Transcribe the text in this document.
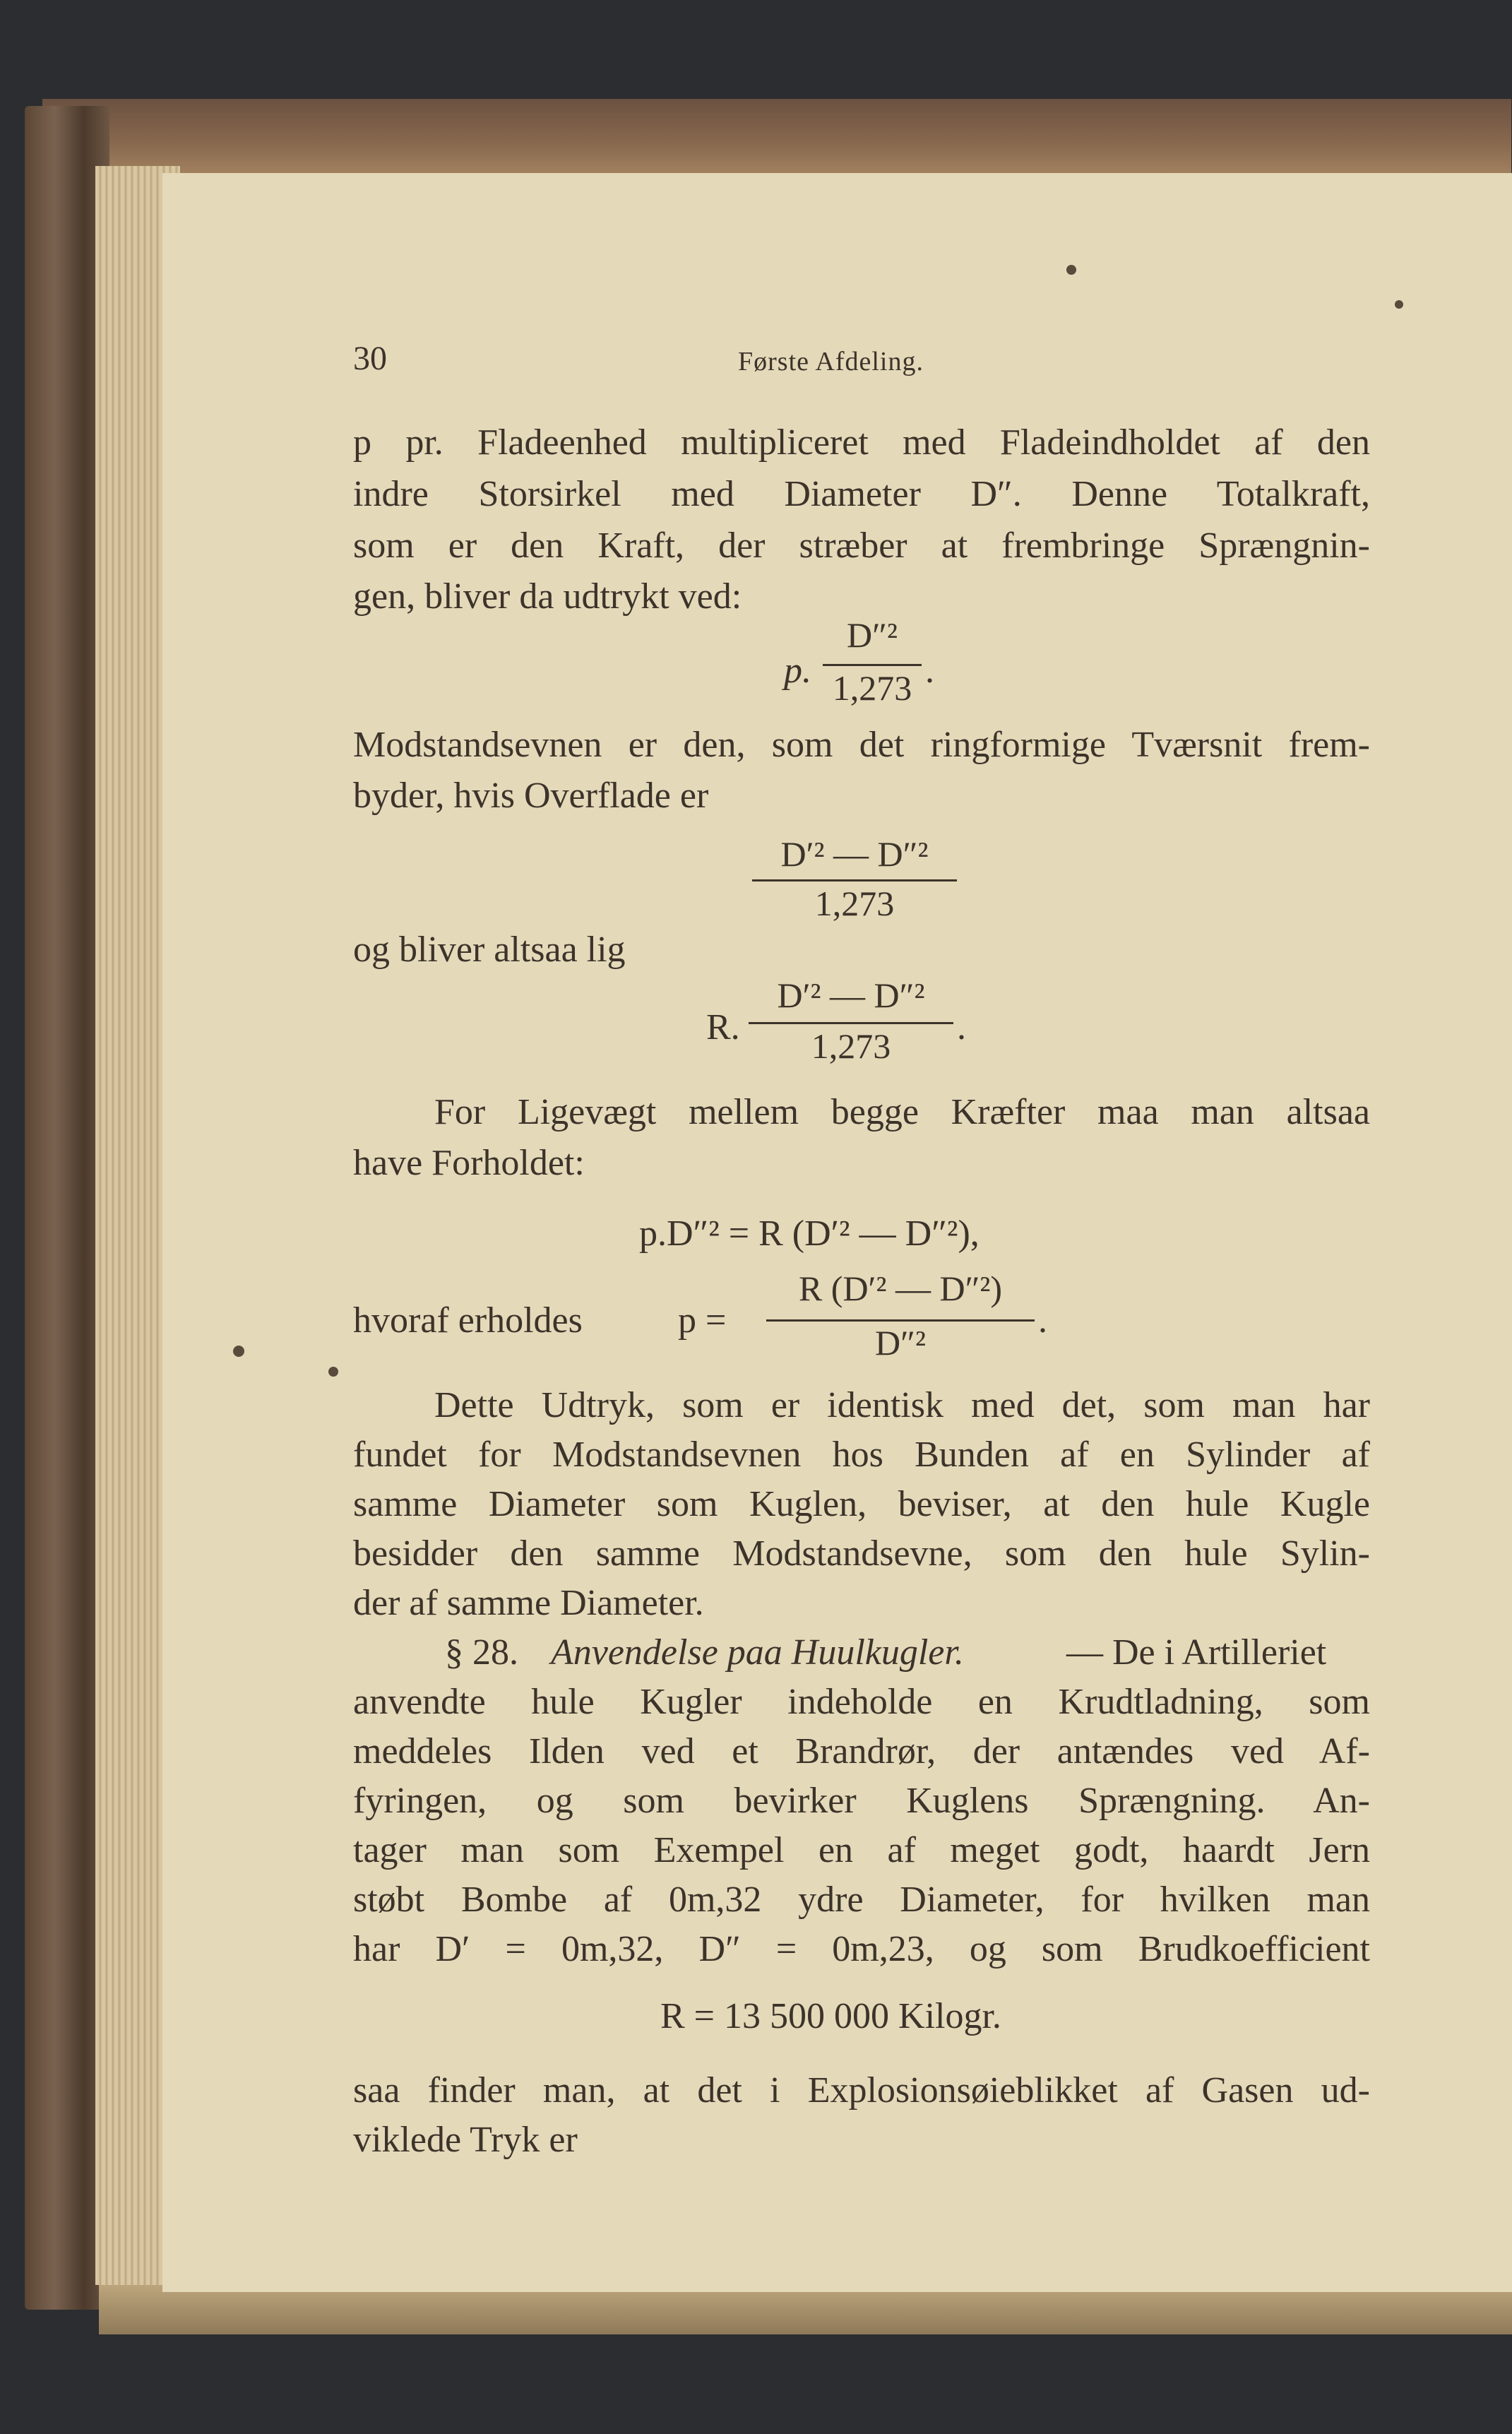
30	Første Afdeling.
p pr. Fladeenhed multipliceret med Fladeindholdet af den
indre Storsirkel med Diameter D″. Denne Totalkraft,
som er den Kraft, der stræber at frembringe Sprængnin-
gen, bliver da udtrykt ved:
p.
D″²
1,273 .
Modstandsevnen er den, som det ringformige Tværsnit frem-
byder, hvis Overflade er
D′² — D″²
1,273
og bliver altsaa lig
R.
D′² — D″²
1,273	.
For Ligevægt mellem begge Kræfter maa man altsaa
have Forholdet:
p.D″² = R (D′² — D″²),
hvoraf erholdes	p =
R (D′² — D″²)
D″²
.
Dette Udtryk, som er identisk med det, som man har
fundet for Modstandsevnen hos Bunden af en Sylinder af
samme Diameter som Kuglen, beviser, at den hule Kugle
besidder den samme Modstandsevne, som den hule Sylin-
der af samme Diameter.
§ 28. Anvendelse paa Huulkugler.	— De i Artilleriet
anvendte hule Kugler indeholde en Krudtladning, som
meddeles Ilden ved et Brandrør, der antændes ved Af-
fyringen, og som bevirker Kuglens Sprængning. An-
tager man som Exempel en af meget godt, haardt Jern
støbt Bombe af 0m,32 ydre Diameter, for hvilken man
har D′ = 0m,32, D″ = 0m,23, og som Brudkoefficient
R = 13 500 000 Kilogr.
saa finder man, at det i Explosionsøieblikket af Gasen ud-
viklede Tryk er
